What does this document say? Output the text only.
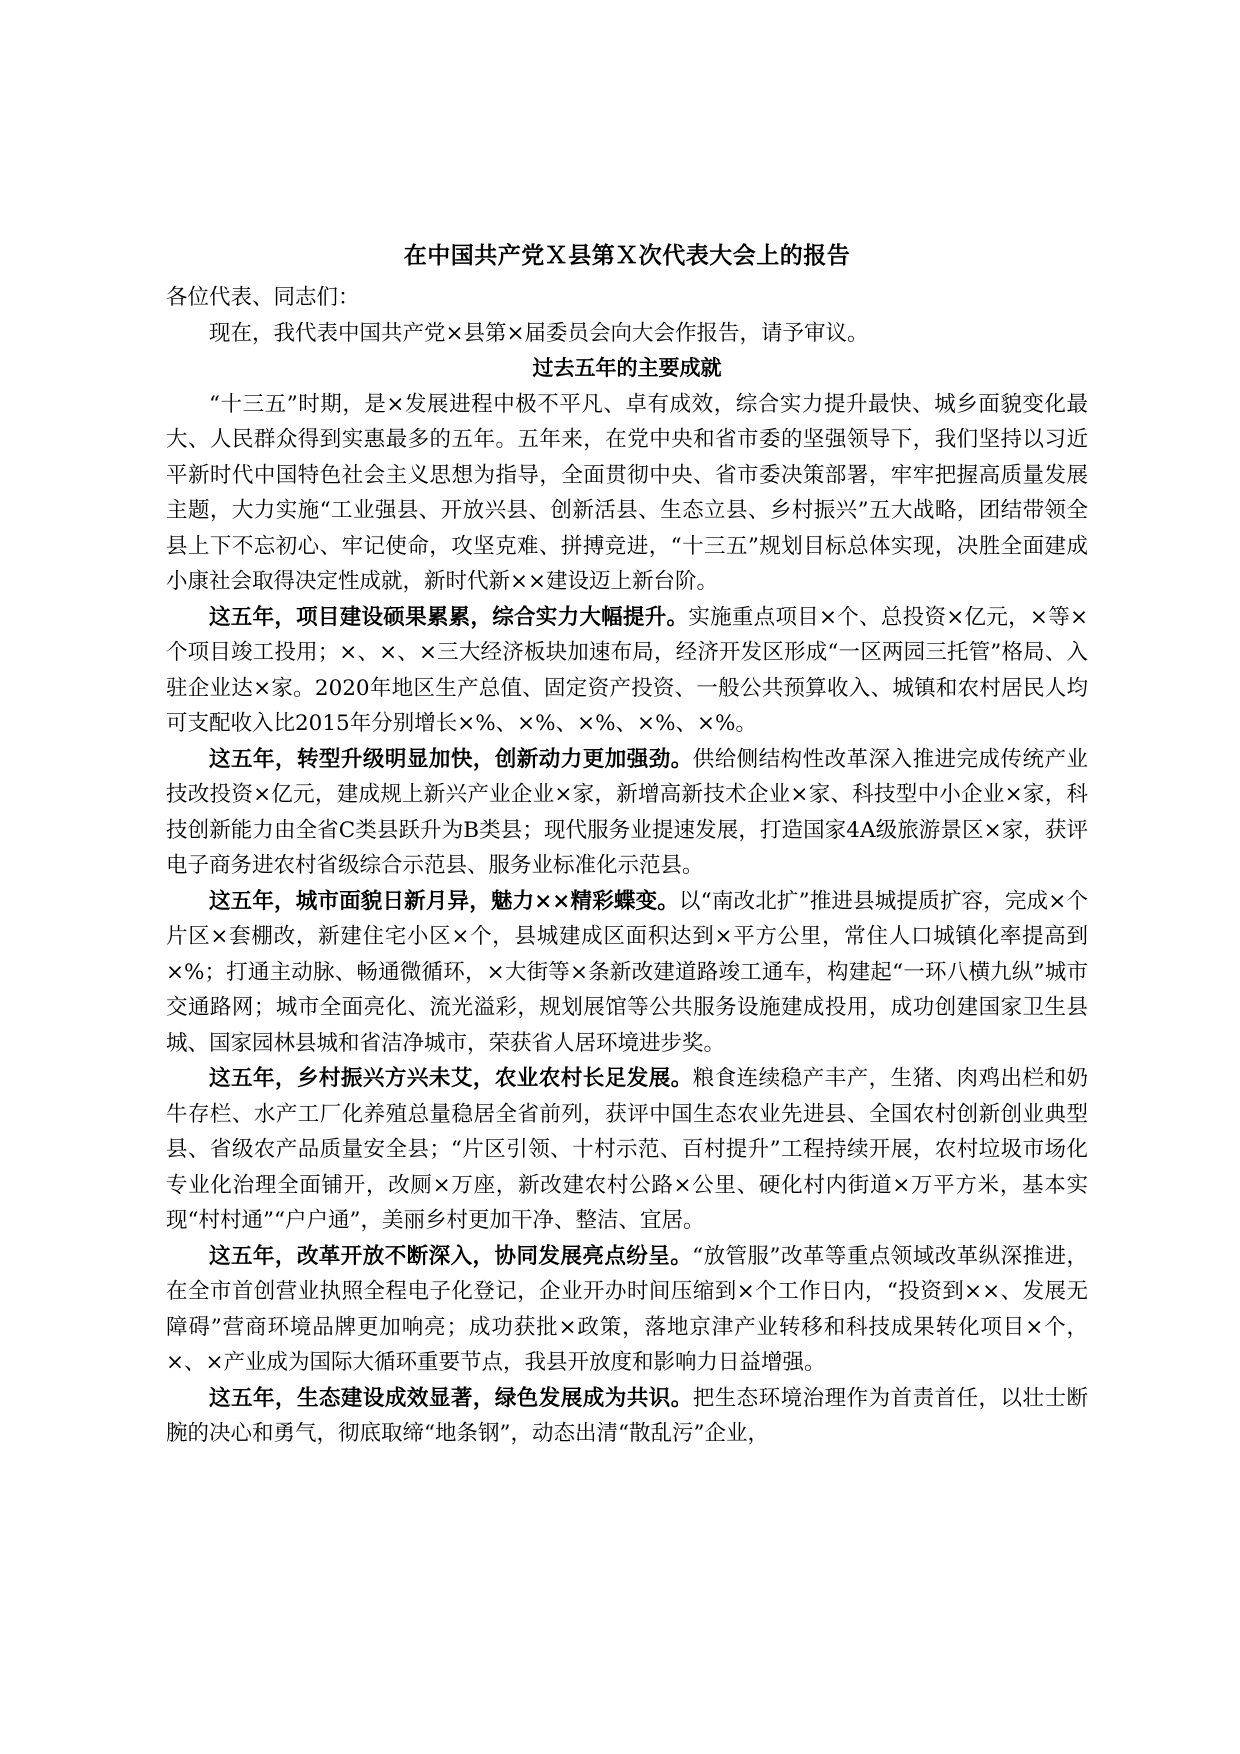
在中国共产党Ｘ县第Ｘ次代表大会上的报告

各位代表、同志们：

现在，我代表中国共产党×县第×届委员会向大会作报告，请予审议。

过去五年的主要成就

“十三五”时期，是×发展进程中极不平凡、卓有成效，综合实力提升最快、城乡面貌变化最大、人民群众得到实惠最多的五年。五年来，在党中央和省市委的坚强领导下，我们坚持以习近平新时代中国特色社会主义思想为指导，全面贯彻中央、省市委决策部署，牢牢把握高质量发展主题，大力实施“工业强县、开放兴县、创新活县、生态立县、乡村振兴”五大战略，团结带领全县上下不忘初心、牢记使命，攻坚克难、拼搏竞进，“十三五”规划目标总体实现，决胜全面建成小康社会取得决定性成就，新时代新××建设迈上新台阶。

这五年，项目建设硕果累累，综合实力大幅提升。实施重点项目×个、总投资×亿元，×等×个项目竣工投用；×、×、×三大经济板块加速布局，经济开发区形成“一区两园三托管”格局、入驻企业达×家。2020年地区生产总值、固定资产投资、一般公共预算收入、城镇和农村居民人均可支配收入比2015年分别增长×%、×%、×%、×%、×%。

这五年，转型升级明显加快，创新动力更加强劲。供给侧结构性改革深入推进完成传统产业技改投资×亿元，建成规上新兴产业企业×家，新增高新技术企业×家、科技型中小企业×家，科技创新能力由全省C类县跃升为B类县；现代服务业提速发展，打造国家4A级旅游景区×家，获评电子商务进农村省级综合示范县、服务业标准化示范县。

这五年，城市面貌日新月异，魅力××精彩蝶变。以“南改北扩”推进县城提质扩容，完成×个片区×套棚改，新建住宅小区×个，县城建成区面积达到×平方公里，常住人口城镇化率提高到×%；打通主动脉、畅通微循环，×大街等×条新改建道路竣工通车，构建起“一环八横九纵”城市交通路网；城市全面亮化、流光溢彩，规划展馆等公共服务设施建成投用，成功创建国家卫生县城、国家园林县城和省洁净城市，荣获省人居环境进步奖。

这五年，乡村振兴方兴未艾，农业农村长足发展。粮食连续稳产丰产，生猪、肉鸡出栏和奶牛存栏、水产工厂化养殖总量稳居全省前列，获评中国生态农业先进县、全国农村创新创业典型县、省级农产品质量安全县；“片区引领、十村示范、百村提升”工程持续开展，农村垃圾市场化专业化治理全面铺开，改厕×万座，新改建农村公路×公里、硬化村内街道×万平方米，基本实现“村村通”“户户通”，美丽乡村更加干净、整洁、宜居。

这五年，改革开放不断深入，协同发展亮点纷呈。“放管服”改革等重点领域改革纵深推进，在全市首创营业执照全程电子化登记，企业开办时间压缩到×个工作日内，“投资到××、发展无障碍”营商环境品牌更加响亮；成功获批×政策，落地京津产业转移和科技成果转化项目×个，×、×产业成为国际大循环重要节点，我县开放度和影响力日益增强。

这五年，生态建设成效显著，绿色发展成为共识。把生态环境治理作为首责首任，以壮士断腕的决心和勇气，彻底取缔“地条钢”，动态出清“散乱污”企业，
